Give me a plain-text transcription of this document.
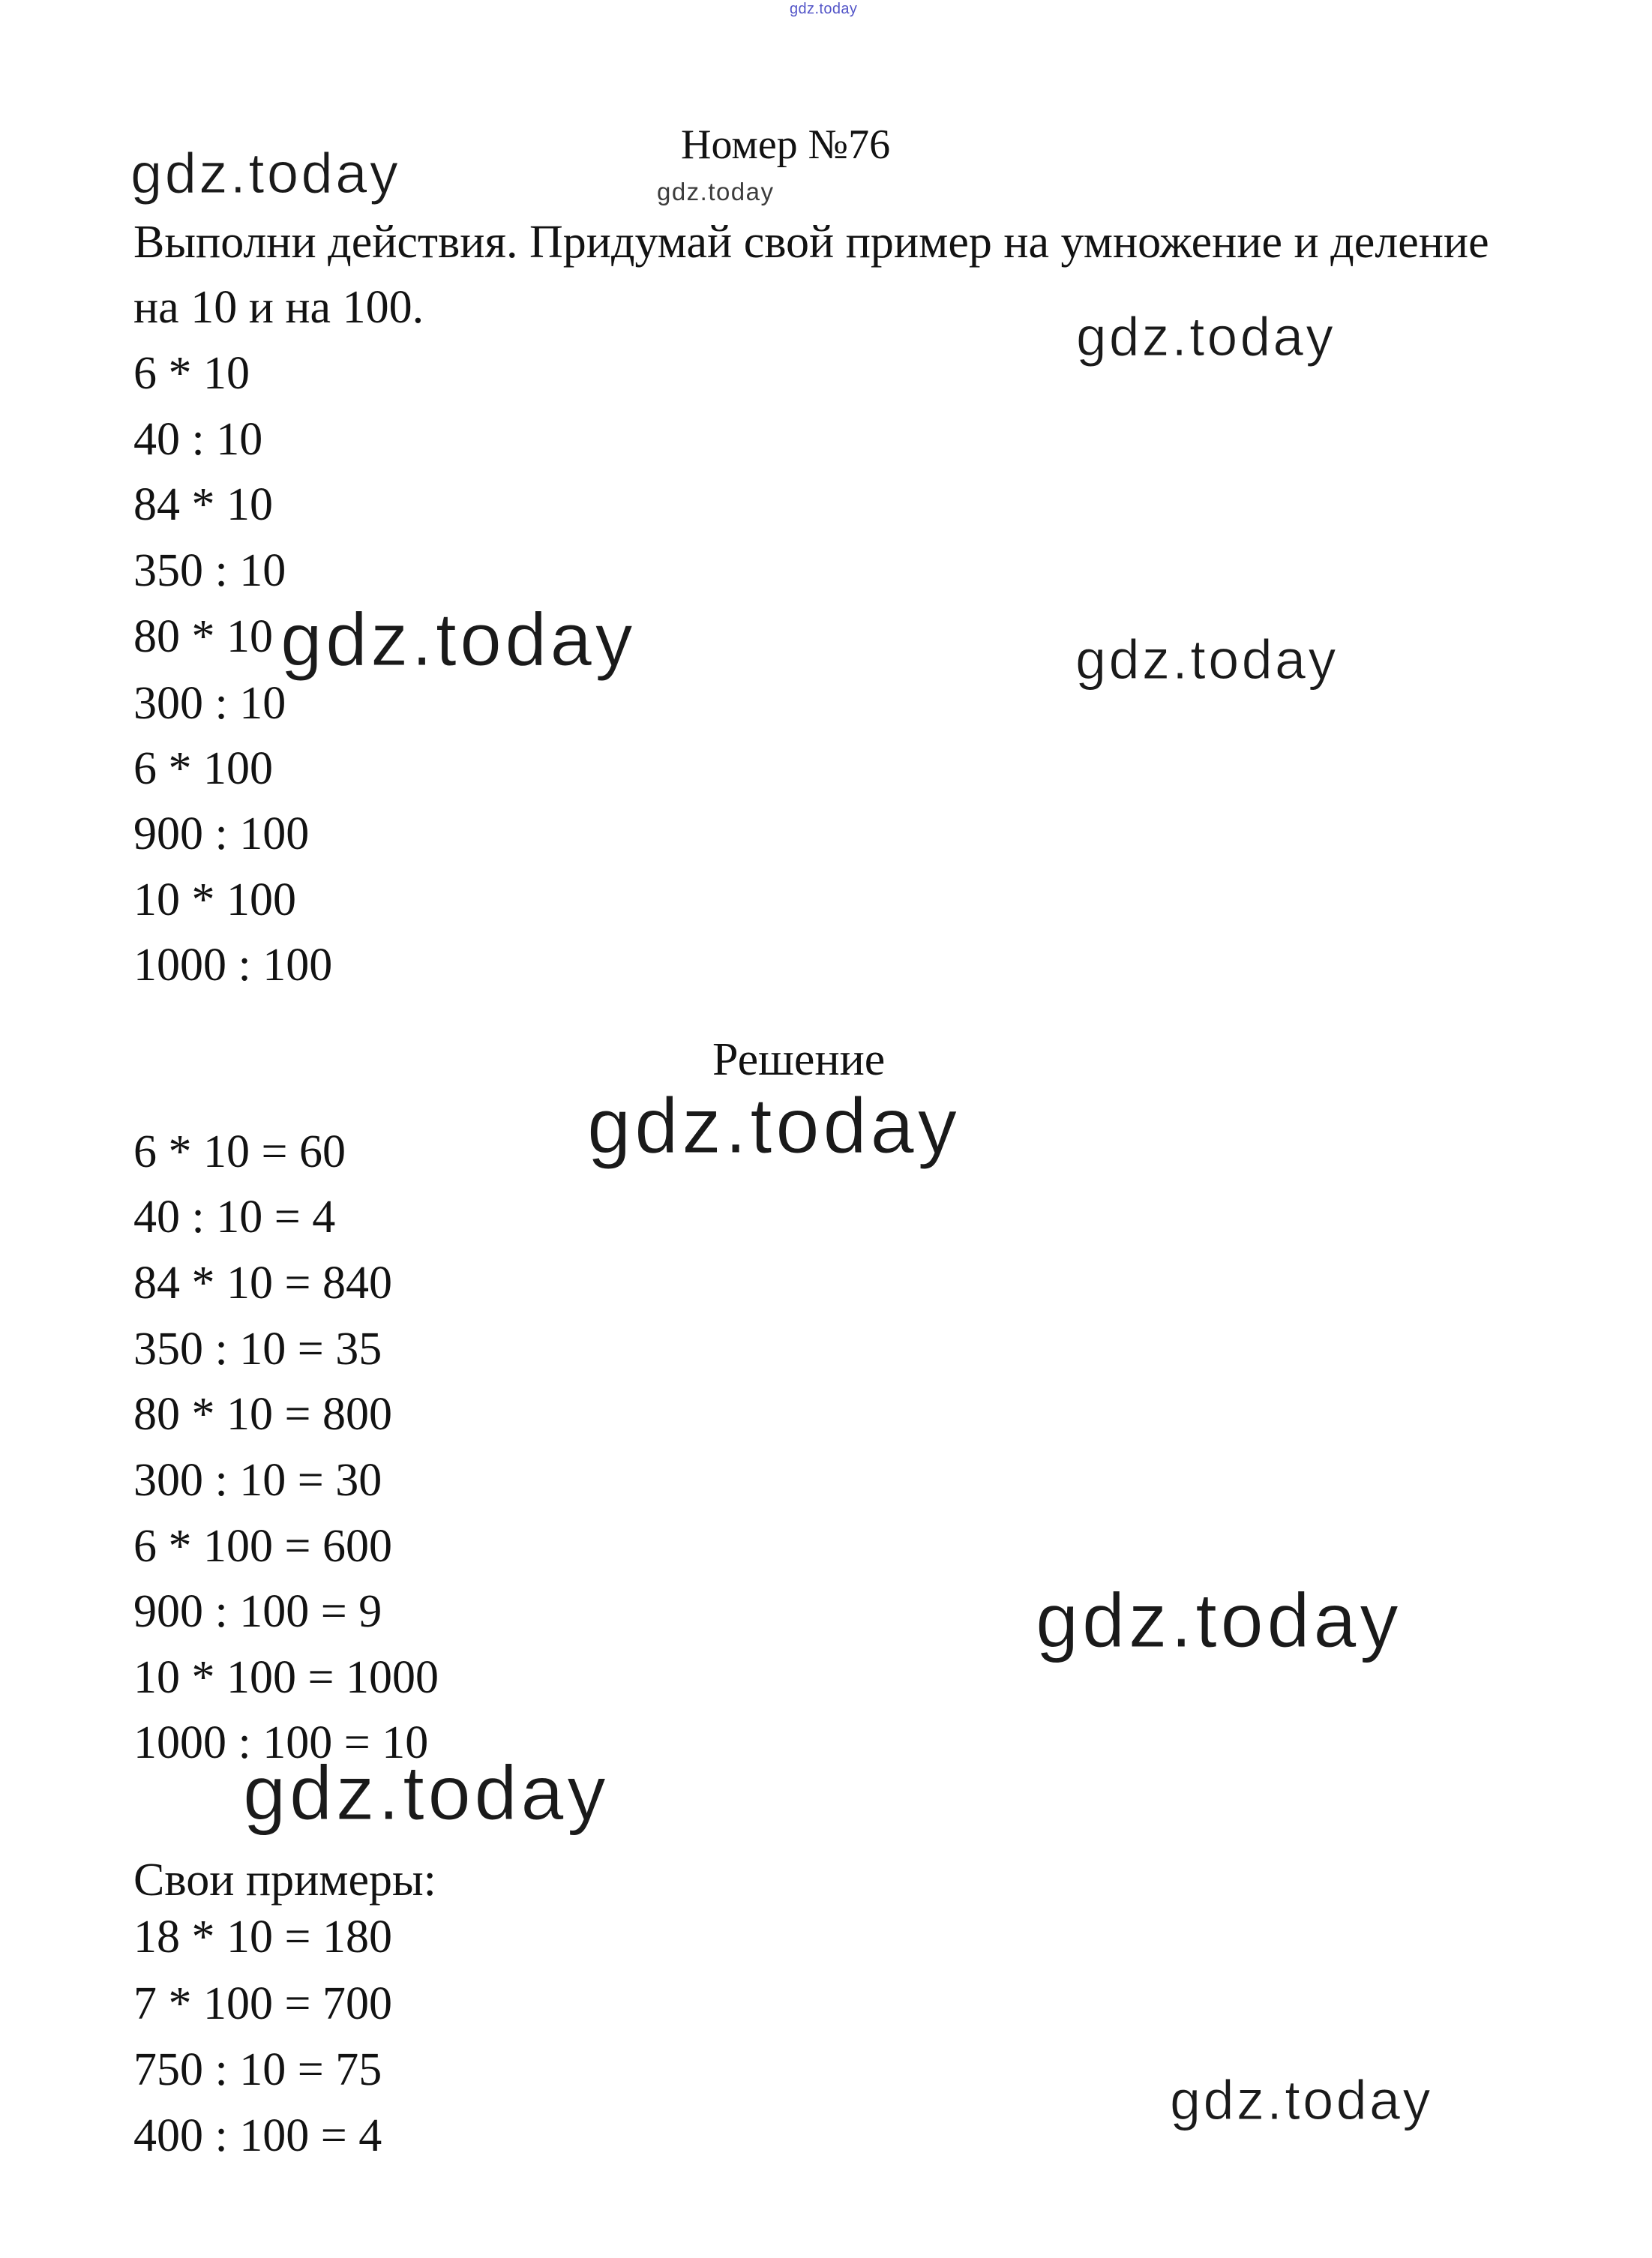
gdz.today
gdz.today
gdz.today
gdz.today
gdz.today	gdz.today
gdz.today
gdz.today
gdz.today
gdz.today
Номер №76
Выполни действия. Придумай свой пример на умножение и деление
на 10 и на 100.
6 * 10
40 : 10
84 * 10
350 : 10
80 * 10
300 : 10
6 * 100
900 : 100
10 * 100
1000 : 100
Решение
6 * 10 = 60
40 : 10 = 4
84 * 10 = 840
350 : 10 = 35
80 * 10 = 800
300 : 10 = 30
6 * 100 = 600
900 : 100 = 9
10 * 100 = 1000
1000 : 100 = 10
Свои примеры:
18 * 10 = 180
7 * 100 = 700
750 : 10 = 75
400 : 100 = 4
